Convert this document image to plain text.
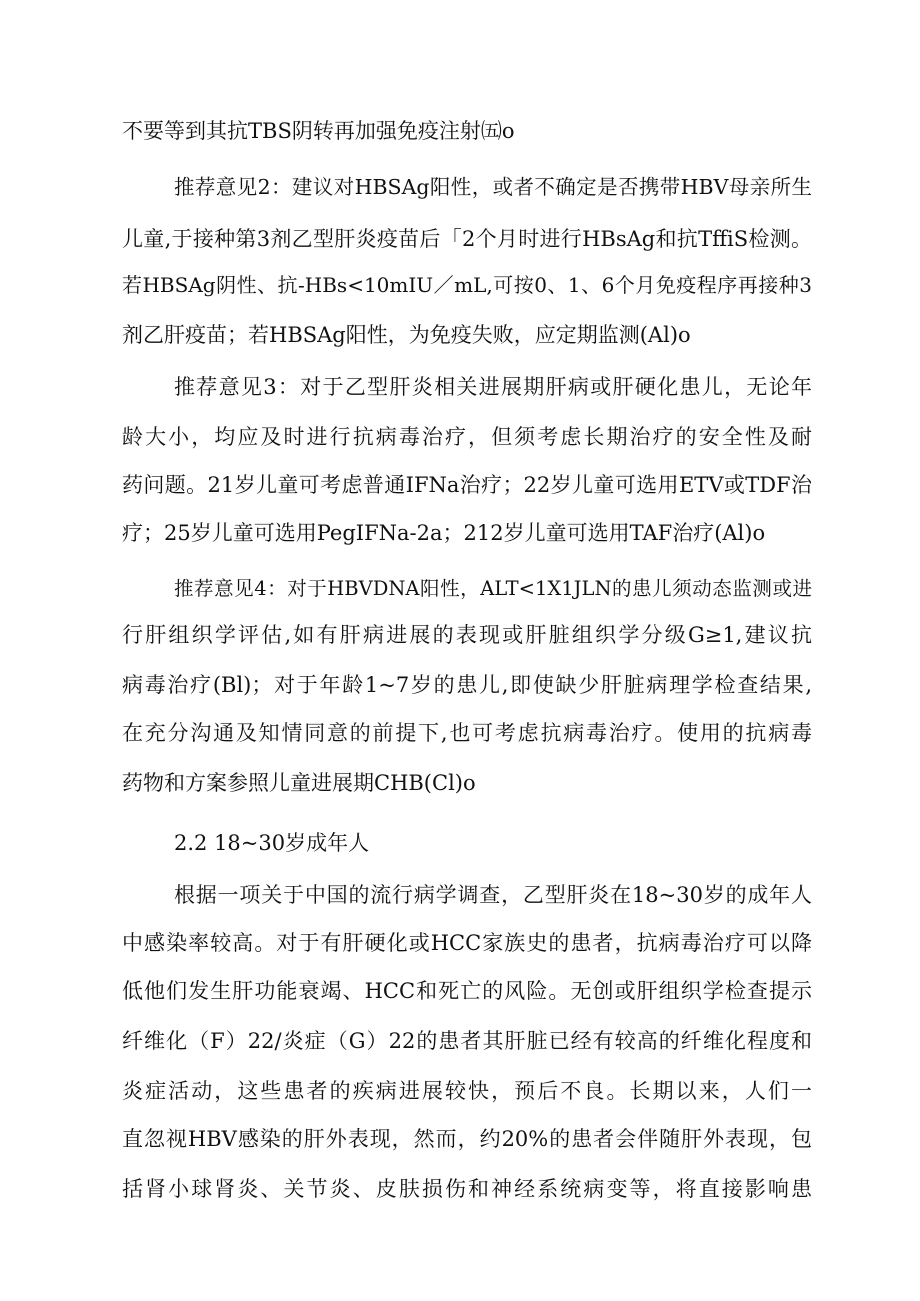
不要等到其抗TBS阴转再加强免疫注射㈤o
推荐意见2：建议对HBSAg阳性，或者不确定是否携带HBV母亲所生
儿童,于接种第3剂乙型肝炎疫苗后「2个月时进行HBsAg和抗TffiS检测。
若HBSAg阴性、抗-HBs<10mIU／mL,可按0、1、6个月免疫程序再接种3
剂乙肝疫苗；若HBSAg阳性，为免疫失败，应定期监测(Al)o
推荐意见3：对于乙型肝炎相关进展期肝病或肝硬化患儿，无论年
龄大小，均应及时进行抗病毒治疗，但须考虑长期治疗的安全性及耐
药问题。21岁儿童可考虑普通IFNa治疗；22岁儿童可选用ETV或TDF治
疗；25岁儿童可选用PegIFNa-2a；212岁儿童可选用TAF治疗(Al)o
推荐意见4：对于HBVDNA阳性，ALT<1X1JLN的患儿须动态监测或进
行肝组织学评估,如有肝病进展的表现或肝脏组织学分级G≥1,建议抗
病毒治疗(Bl)；对于年龄1~7岁的患儿,即使缺少肝脏病理学检查结果,
在充分沟通及知情同意的前提下,也可考虑抗病毒治疗。使用的抗病毒
药物和方案参照儿童进展期CHB(Cl)o
2.2 18~30岁成年人
根据一项关于中国的流行病学调查，乙型肝炎在18~30岁的成年人
中感染率较高。对于有肝硬化或HCC家族史的患者，抗病毒治疗可以降
低他们发生肝功能衰竭、HCC和死亡的风险。无创或肝组织学检查提示
纤维化（F）22/炎症（G）22的患者其肝脏已经有较高的纤维化程度和
炎症活动，这些患者的疾病进展较快，预后不良。长期以来，人们一
直忽视HBV感染的肝外表现，然而，约20%的患者会伴随肝外表现，包
括肾小球肾炎、关节炎、皮肤损伤和神经系统病变等，将直接影响患
